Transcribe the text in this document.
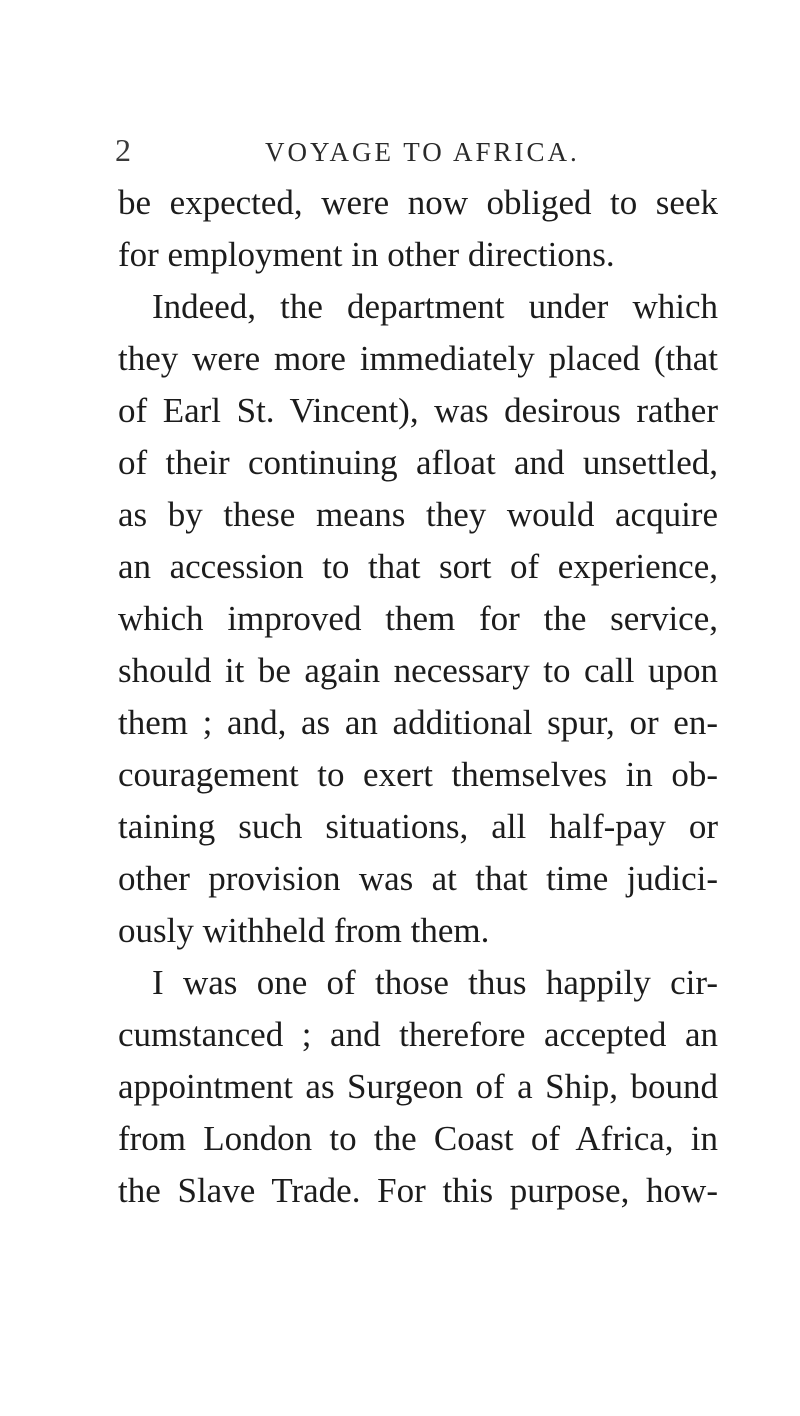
2	VOYAGE TO AFRICA.
be expected, were now obliged to seek
for employment in other directions.
Indeed, the department under which
they were more immediately placed (that
of Earl St. Vincent), was desirous rather
of their continuing afloat and unsettled,
as by these means they would acquire
an accession to that sort of experience,
which improved them for the service,
should it be again necessary to call upon
them ; and, as an additional spur, or en-
couragement to exert themselves in ob-
taining such situations, all half-pay or
other provision was at that time judici-
ously withheld from them.
I was one of those thus happily cir-
cumstanced ; and therefore accepted an
appointment as Surgeon of a Ship, bound
from London to the Coast of Africa, in
the Slave Trade. For this purpose, how-
